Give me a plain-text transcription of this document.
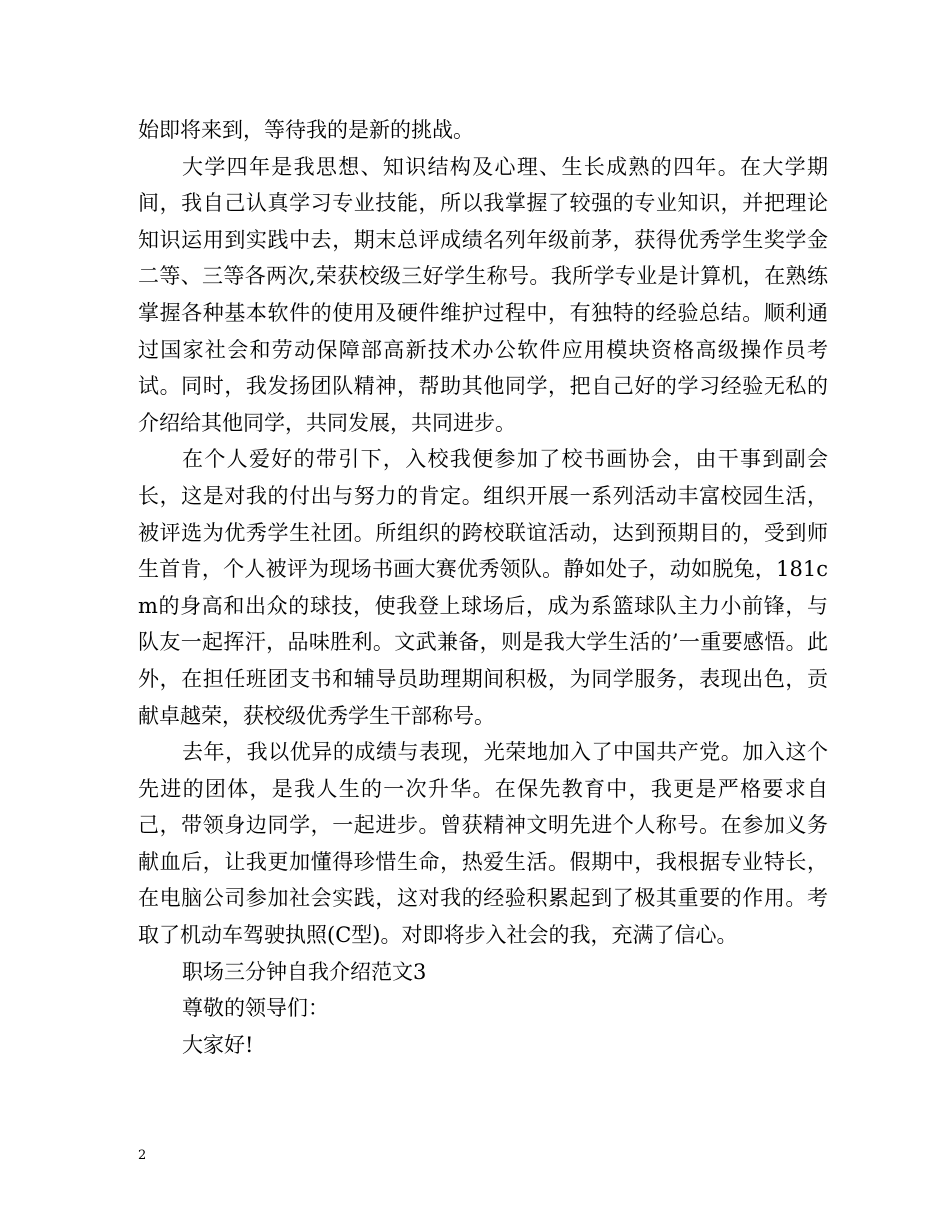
始即将来到，等待我的是新的挑战。

大学四年是我思想、知识结构及心理、生长成熟的四年。在大学期间，我自己认真学习专业技能，所以我掌握了较强的专业知识，并把理论知识运用到实践中去，期末总评成绩名列年级前茅，获得优秀学生奖学金二等、三等各两次,荣获校级三好学生称号。我所学专业是计算机，在熟练掌握各种基本软件的使用及硬件维护过程中，有独特的经验总结。顺利通过国家社会和劳动保障部高新技术办公软件应用模块资格高级操作员考试。同时，我发扬团队精神，帮助其他同学，把自己好的学习经验无私的介绍给其他同学，共同发展，共同进步。

在个人爱好的带引下，入校我便参加了校书画协会，由干事到副会长，这是对我的付出与努力的肯定。组织开展一系列活动丰富校园生活，被评选为优秀学生社团。所组织的跨校联谊活动，达到预期目的，受到师生首肯，个人被评为现场书画大赛优秀领队。静如处子，动如脱兔，181cm的身高和出众的球技，使我登上球场后，成为系篮球队主力小前锋，与队友一起挥汗，品味胜利。文武兼备，则是我大学生活的’一重要感悟。此外，在担任班团支书和辅导员助理期间积极，为同学服务，表现出色，贡献卓越荣，获校级优秀学生干部称号。

去年，我以优异的成绩与表现，光荣地加入了中国共产党。加入这个先进的团体，是我人生的一次升华。在保先教育中，我更是严格要求自己，带领身边同学，一起进步。曾获精神文明先进个人称号。在参加义务献血后，让我更加懂得珍惜生命，热爱生活。假期中，我根据专业特长，在电脑公司参加社会实践，这对我的经验积累起到了极其重要的作用。考取了机动车驾驶执照(C型)。对即将步入社会的我，充满了信心。

职场三分钟自我介绍范文3

尊敬的领导们：

大家好!

2
